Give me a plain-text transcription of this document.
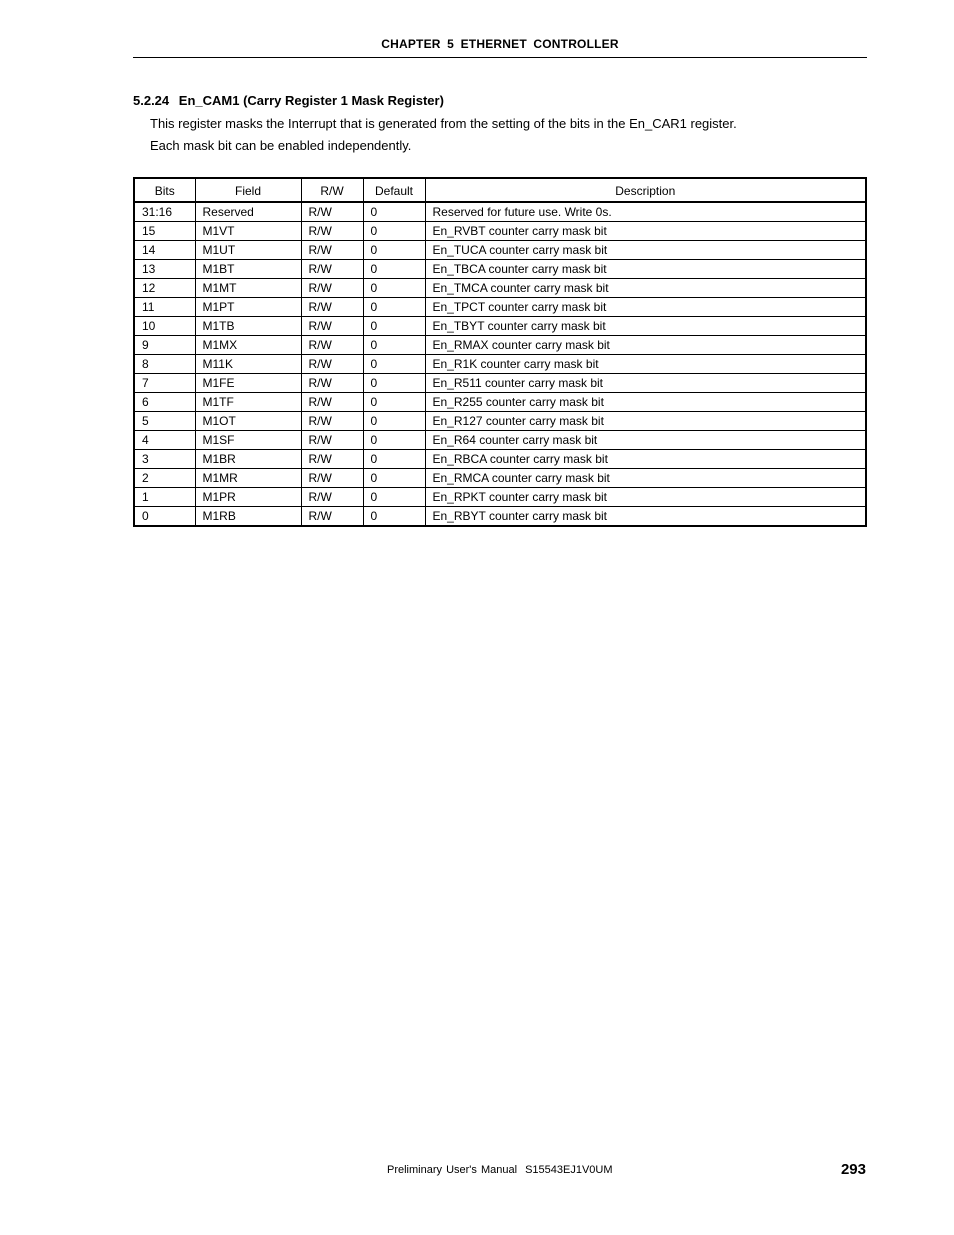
CHAPTER 5 ETHERNET CONTROLLER
5.2.24 En_CAM1 (Carry Register 1 Mask Register)
This register masks the Interrupt that is generated from the setting of the bits in the En_CAR1 register.
Each mask bit can be enabled independently.
Bits	Field	R/W	Default	Description
31:16	Reserved	R/W	0	Reserved for future use. Write 0s.
15	M1VT	R/W	0	En_RVBT counter carry mask bit
14	M1UT	R/W	0	En_TUCA counter carry mask bit
13	M1BT	R/W	0	En_TBCA counter carry mask bit
12	M1MT	R/W	0	En_TMCA counter carry mask bit
11	M1PT	R/W	0	En_TPCT counter carry mask bit
10	M1TB	R/W	0	En_TBYT counter carry mask bit
9	M1MX	R/W	0	En_RMAX counter carry mask bit
8	M11K	R/W	0	En_R1K counter carry mask bit
7	M1FE	R/W	0	En_R511 counter carry mask bit
6	M1TF	R/W	0	En_R255 counter carry mask bit
5	M1OT	R/W	0	En_R127 counter carry mask bit
4	M1SF	R/W	0	En_R64 counter carry mask bit
3	M1BR	R/W	0	En_RBCA counter carry mask bit
2	M1MR	R/W	0	En_RMCA counter carry mask bit
1	M1PR	R/W	0	En_RPKT counter carry mask bit
0	M1RB	R/W	0	En_RBYT counter carry mask bit
Preliminary User's Manual S15543EJ1V0UM	293
